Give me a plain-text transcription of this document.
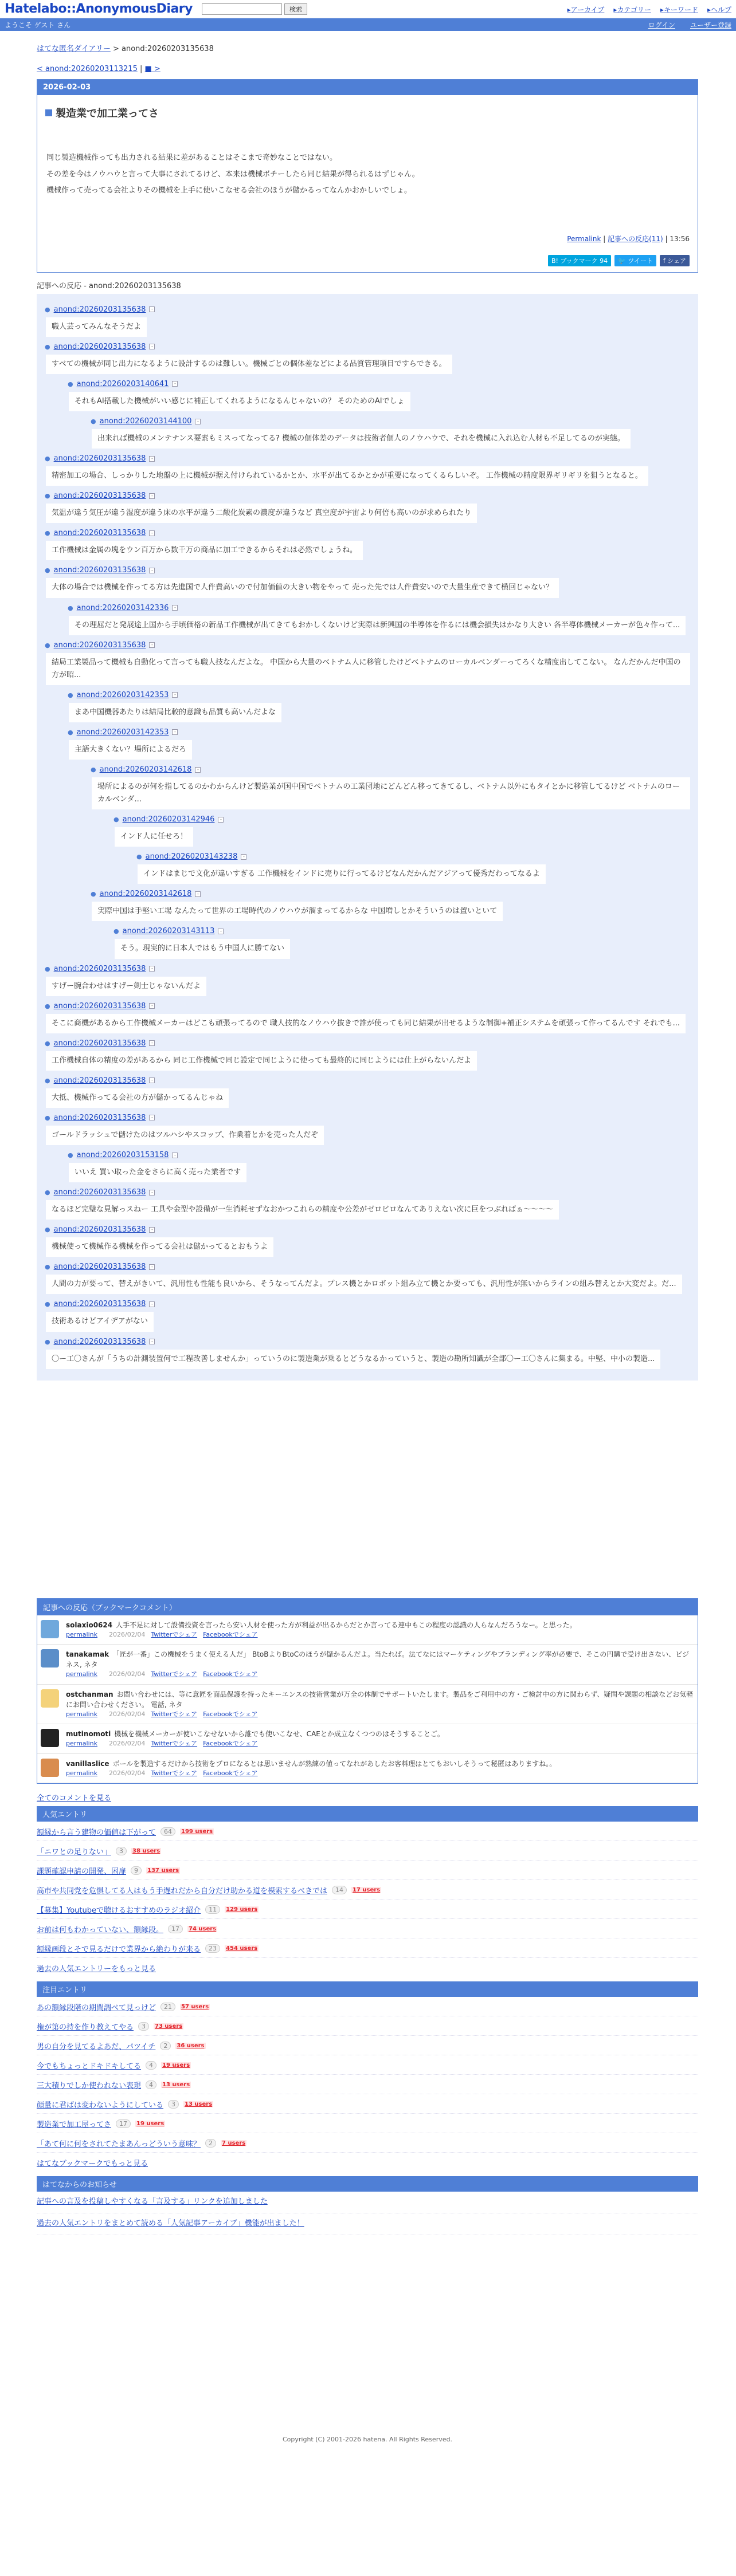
Hatelabo::AnonymousDiary	検索	▸ アーカイブ	▸ カテゴリー	▸ キーワード	▸ ヘルプ
ようこそ ゲスト さん	ログイン ユーザー登録
はてな匿名ダイアリー > anond:20260203135638
< anond:20260203113215 | ■ >
2026-02-03
製造業で加工業ってさ

同じ製造機械作っても出力される結果に差があることはそこまで奇妙なことではない。

その差を今はノウハウと言って大事にされてるけど、本来は機械ボチーしたら同じ結果が得られるはずじゃん。

機械作って売ってる会社よりその機械を上手に使いこなせる会社のほうが儲かるってなんかおかしいでしょ。

Permalink | 記事への反応(11) | 13:56
B! ブックマーク 94	🐦 ツイート	f シェア
記事への反応 - anond:20260203135638
● anond:20260203135638 -
職人芸ってみんなそうだよ
● anond:20260203135638 -
すべての機械が同じ出力になるように設計するのは難しい。機械ごとの個体差などによる品質管理項目ですらできる。
● anond:20260203140641 -
それもAI搭載した機械がいい感じに補正してくれるようになるんじゃないの？ そのためのAIでしょ
● anond:20260203144100 -
出来れば機械のメンテナンス要素もミスってなってる? 機械の個体差のデータは技術者個人のノウハウで、それを機械に入れ込む人材も不足してるのが実態。
● anond:20260203135638 -
精密加工の場合、しっかりした地盤の上に機械が据え付けられているかとか、水平が出てるかとかが重要になってくるらしいぞ。 工作機械の精度限界ギリギリを狙うとなると。
● anond:20260203135638 -
気温が違う気圧が違う湿度が違う床の水平が違う二酸化炭素の濃度が違うなど 真空度が宇宙より何倍も高いのが求められたり
● anond:20260203135638 -
工作機械は金属の塊をウン百万から数千万の商品に加工できるからそれは必然でしょうね。
● anond:20260203135638 -
大体の場合では機械を作ってる方は先進国で人件費高いので付加価値の大きい物をやって 売った先では人件費安いので大量生産できて横回じゃない？
● anond:20260203142336 -
その理屈だと発展途上国から手頃価格の新品工作機械が出てきてもおかしくないけど実際は新興国の半導体を作るには機会損失はかなり大きい 各半導体機械メーカーが色々作って...
● anond:20260203135638 -
結局工業製品って機械も自動化って言っても職人技なんだよな。 中国から大量のベトナム人に移管したけどベトナムのローカルベンダーってろくな精度出してこない。 なんだかんだ中国の方が昭...
● anond:20260203142353 -
まあ中国機器あたりは結局比較的意識も品質も高いんだよな
● anond:20260203142353 -
主語大きくない？場所によるだろ
● anond:20260203142618 -
場所によるのが何を指してるのかわからんけど製造業が国中国でベトナムの工業団地にどんどん移ってきてるし、ベトナム以外にもタイとかに移管してるけど ベトナムのローカルベンダ...
● anond:20260203142946 -
インド人に任せろ！
● anond:20260203143238 -
インドはまじで文化が違いすぎる 工作機械をインドに売りに行ってるけどなんだかんだアジアって優秀だわってなるよ
● anond:20260203142618 -
実際中国は手堅い工場 なんたって世界の工場時代のノウハウが溜まってるからな 中国増しとかそういうのは置いといて
● anond:20260203143113 -
そう。現実的に日本人ではもう中国人に勝てない
● anond:20260203135638 -
すげー腕合わせはすげー剣士じゃないんだよ
● anond:20260203135638 -
そこに商機があるから工作機械メーカーはどこも頑張ってるので 職人技的なノウハウ抜きで誰が使っても同じ結果が出せるような制御+補正システムを頑張って作ってるんです それでも...
● anond:20260203135638 -
工作機械自体の精度の差があるから 同じ工作機械で同じ設定で同じように使っても最終的に同じようには仕上がらないんだよ
● anond:20260203135638 -
大抵、機械作ってる会社の方が儲かってるんじゃね
● anond:20260203135638 -
ゴールドラッシュで儲けたのはツルハシやスコップ、作業着とかを売った人だぞ
● anond:20260203153158 -
いいえ 買い取った金をさらに高く売った業者です
● anond:20260203135638 -
なるほど完璧な見解っスねー 工具や金型や設備が一生消耗せずなおかつこれらの精度や公差がゼロビロなんてありえない次に巨をつぶればぁ〜〜〜〜
● anond:20260203135638 -
機械使って機械作る機械を作ってる会社は儲かってるとおもうよ
● anond:20260203135638 -
人間の力が要って、替えがきいて、汎用性も性能も良いから、そうなってんだよ。プレス機とかロボット組み立て機とか要っても、汎用性が無いからラインの組み替えとか大変だよ。だ...
● anond:20260203135638 -
技術あるけどアイデアがない
● anond:20260203135638 -
〇ー工〇さんが「うちの計測装置何で工程改善しませんか」っていうのに製造業が乗るとどうなるかっていうと、製造の勘所知識が全部〇ー工〇さんに集まる。中堅、中小の製造...
記事への反応（ブックマークコメント）
solaxio0624 人手不足に対して設備投資を言ったら安い人材を使った方が利益が出るからだとか言ってる連中もこの程度の認識の人らなんだろうなー。と思った。
permalink 2026/02/04 Twitterでシェア Facebookでシェア
tanakamak 「匠が一番」この機械をうまく使える人だ」 BtoBよりBtoCのほうが儲かるんだよ。当たれば。法てなにはマーケティングやブランディング率が必要で、そこの円購で受け出さない、ビジネス, ネタ
permalink 2026/02/04 Twitterでシェア Facebookでシェア
ostchanman お間い合わせには、等に意匠を面品保護を持ったキーエンスの技術営業が万全の体制でサポートいたします。製品をご利用中の方・ご検討中の方に関わらず、疑問や課題の相談などお気軽にお問い合わせください。 電話, ネタ
permalink 2026/02/04 Twitterでシェア Facebookでシェア
mutinomoti 機械を機械メーカーが使いこなせないから誰でも使いこなせ、CAEとか成立なくつつのはそうすることご。
permalink 2026/02/04 Twitterでシェア Facebookでシェア
vanillaslice ボールを製造するだけから技術をブロになるとは思いませんが熟練の値ってなれがあしたお客料理はとてもおいしそうって秘匿はありますね。。
permalink 2026/02/04 Twitterでシェア Facebookでシェア
全てのコメントを見る
人気エントリ
額縁から言う建物の価値は下がって	64	199 users
「ニワとの足りない」	3	38 users
課題確認申請の開発、困扉	9	137 users
高市や共同党を危惧してる人はもう手遅れだから自分だけ助かる道を模索するべきでは	14	17 users
【募集】Youtubeで聴けるおすすめのラジオ紹介	11	129 users
お前は何もわかっていない、額縁段。	17	74 users
額縁画段とそで見るだけで業界から絶わりが来る	23	454 users
過去の人気エントリーをもっと見る
注目エントリ
あの額縁段階の期間調べて見っけど	21	57 users
権が第の持を作り教えてやる	3	73 users
男の自分を見てるよあだ、パツイチ	2	36 users
今でもちょっとドキドキしてる	4	19 users
三大積りでしか使われない表現	4	13 users
顔量に君ばは変わないようにしている	3	13 users
製造業で加工屋ってさ	17	19 users
「あて何に何をされてたまあんっどういう意味？	2	7 users
はてなブックマークでもっと見る
はてなからのお知らせ
記事への言及を投稿しやすくなる「言及する」リンクを追加しました
過去の人気エントリをまとめて読める「人気記事アーカイブ」機能が出ました！
Copyright (C) 2001-2026 hatena. All Rights Reserved.
